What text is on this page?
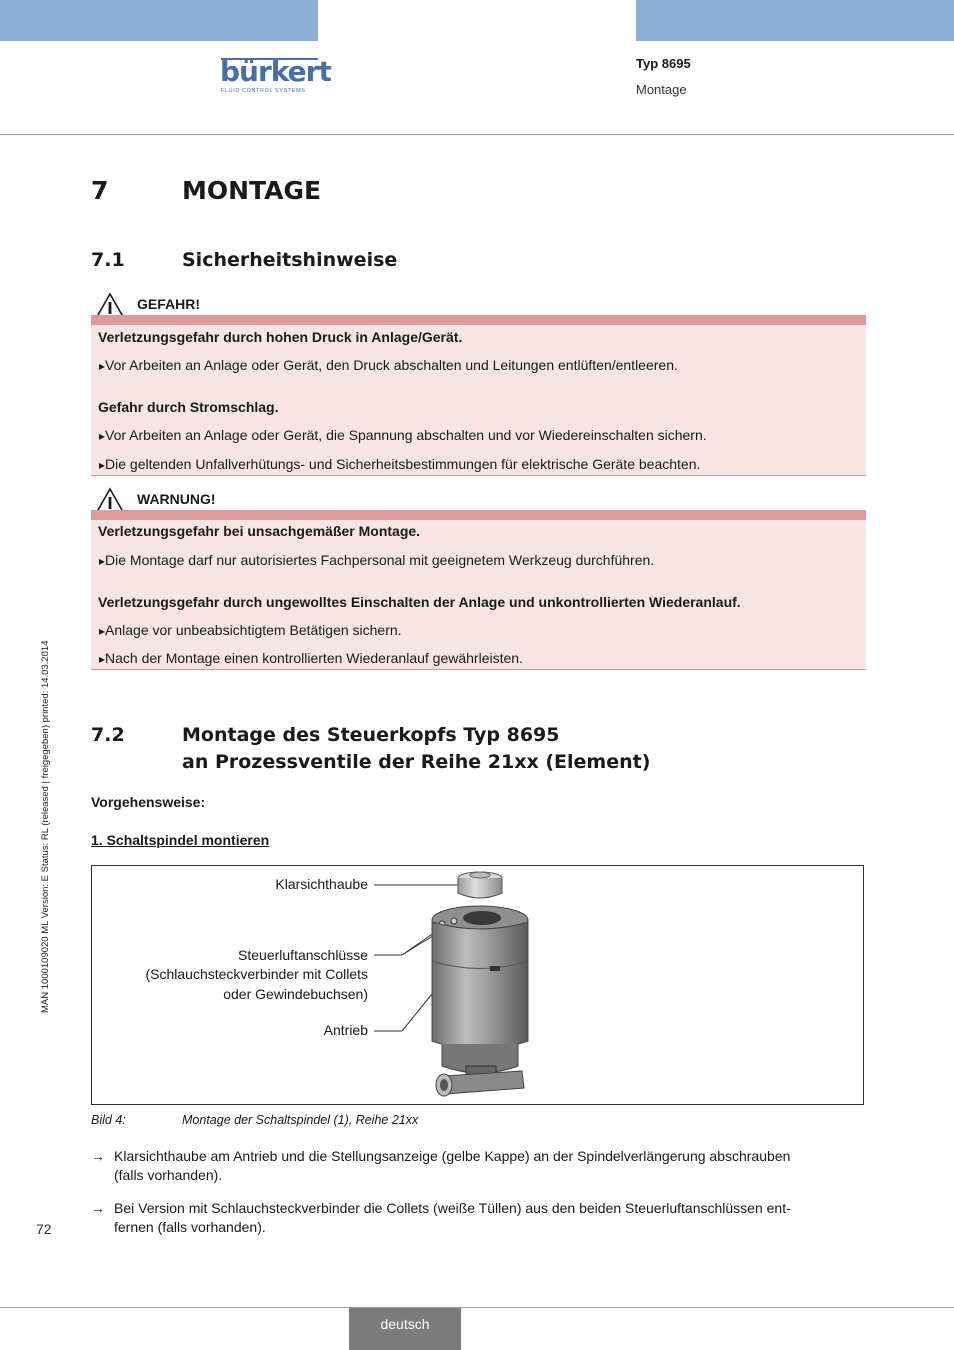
bürkert
FLUID CONTROL SYSTEMS
Typ 8695
Montage
7	MONTAGE
7.1	Sicherheitshinweise
GEFAHR!
Verletzungsgefahr durch hohen Druck in Anlage/Gerät.
▸ Vor Arbeiten an Anlage oder Gerät, den Druck abschalten und Leitungen entlüften/entleeren.
Gefahr durch Stromschlag.
▸ Vor Arbeiten an Anlage oder Gerät, die Spannung abschalten und vor Wiedereinschalten sichern.
▸ Die geltenden Unfallverhütungs- und Sicherheitsbestimmungen für elektrische Geräte beachten.
WARNUNG!
Verletzungsgefahr bei unsachgemäßer Montage.
▸ Die Montage darf nur autorisiertes Fachpersonal mit geeignetem Werkzeug durchführen.
Verletzungsgefahr durch ungewolltes Einschalten der Anlage und unkontrollierten Wiederanlauf.
▸ Anlage vor unbeabsichtigtem Betätigen sichern.
▸ Nach der Montage einen kontrollierten Wiederanlauf gewährleisten.
7.2	Montage des Steuerkopfs Typ 8695
an Prozessventile der Reihe 21xx (Element)
Vorgehensweise:
1. Schaltspindel montieren
Klarsichthaube
Steuerluftanschlüsse
(Schlauchsteckverbinder mit Collets
oder Gewindebuchsen)
Antrieb
Bild 4:	Montage der Schaltspindel (1), Reihe 21xx
→ Klarsichthaube am Antrieb und die Stellungsanzeige (gelbe Kappe) an der Spindelverlängerung abschrauben
(falls vorhanden).
→ Bei Version mit Schlauchsteckverbinder die Collets (weiße Tüllen) aus den beiden Steuerluftanschlüssen ent-
fernen (falls vorhanden).
MAN 1000109020 ML Version: E Status: RL (released | freigegeben) printed: 14.03.2014
72
deutsch
